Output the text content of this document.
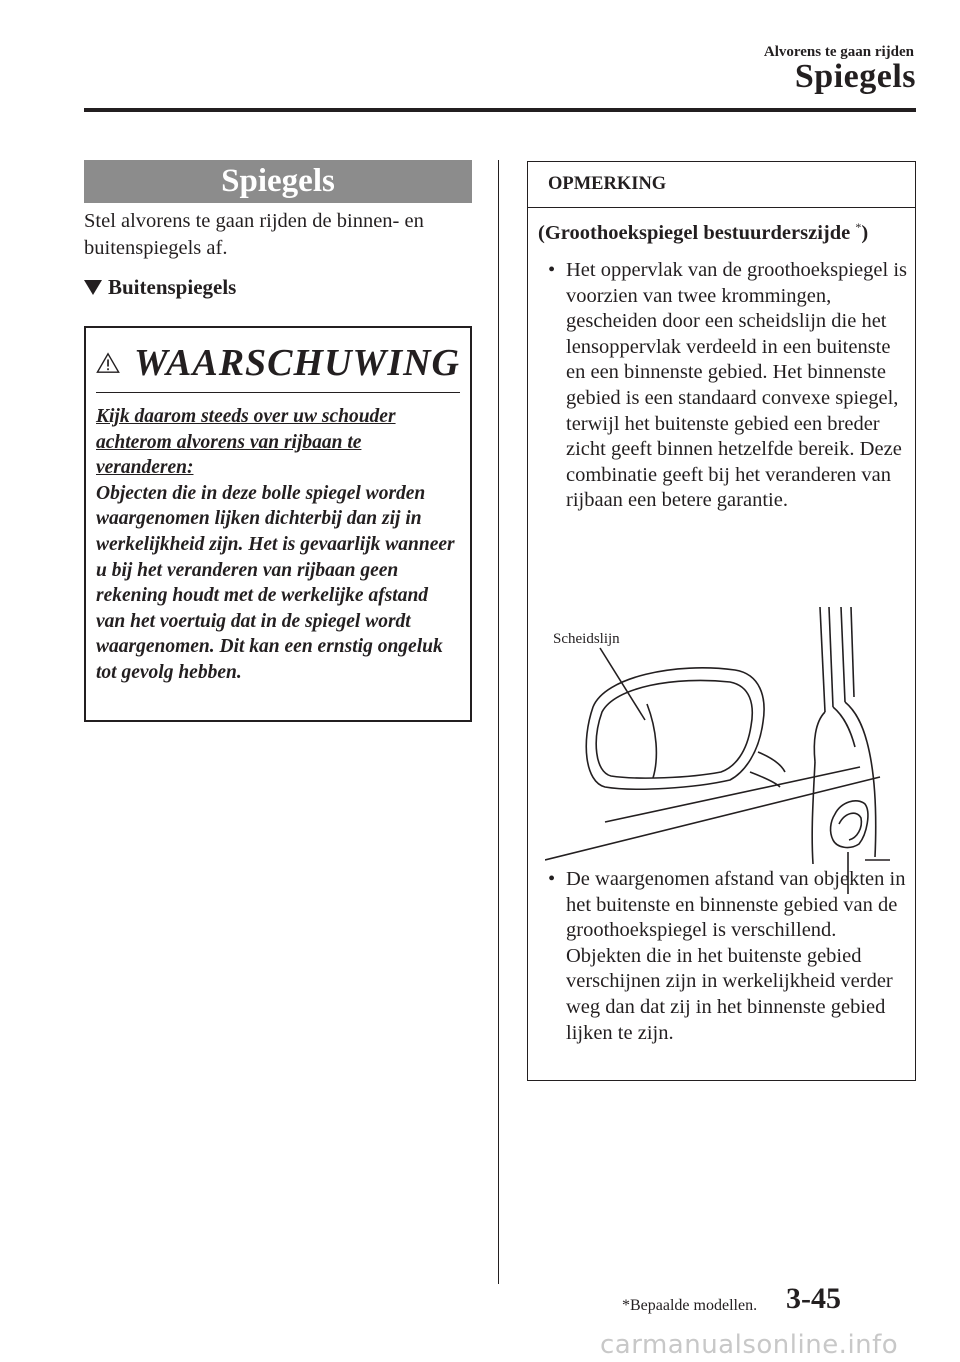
Alvorens te gaan rijden
Spiegels
Spiegels

Stel alvorens te gaan rijden de binnen- en buitenspiegels af.

Buitenspiegels
WAARSCHUWING

Kijk daarom steeds over uw schouder achterom alvorens van rijbaan te veranderen:
Objecten die in deze bolle spiegel worden waargenomen lijken dichterbij dan zij in werkelijkheid zijn. Het is gevaarlijk wanneer u bij het veranderen van rijbaan geen rekening houdt met de werkelijke afstand van het voertuig dat in de spiegel wordt waargenomen. Dit kan een ernstig ongeluk tot gevolg hebben.

OPMERKING
(Groothoekspiegel bestuurderszijde *)

• Het oppervlak van de groothoekspiegel is voorzien van twee krommingen, gescheiden door een scheidslijn die het lensoppervlak verdeeld in een buitenste en een binnenste gebied. Het binnenste gebied is een standaard convexe spiegel, terwijl het buitenste gebied een breder zicht geeft binnen hetzelfde bereik. Deze combinatie geeft bij het veranderen van rijbaan een betere garantie.

Scheidslijn

• De waargenomen afstand van objekten in het buitenste en binnenste gebied van de groothoekspiegel is verschillend. Objekten die in het buitenste gebied verschijnen zijn in werkelijkheid verder weg dan dat zij in het binnenste gebied lijken te zijn.

*Bepaalde modellen. 3-45
carmanualsonline.info
